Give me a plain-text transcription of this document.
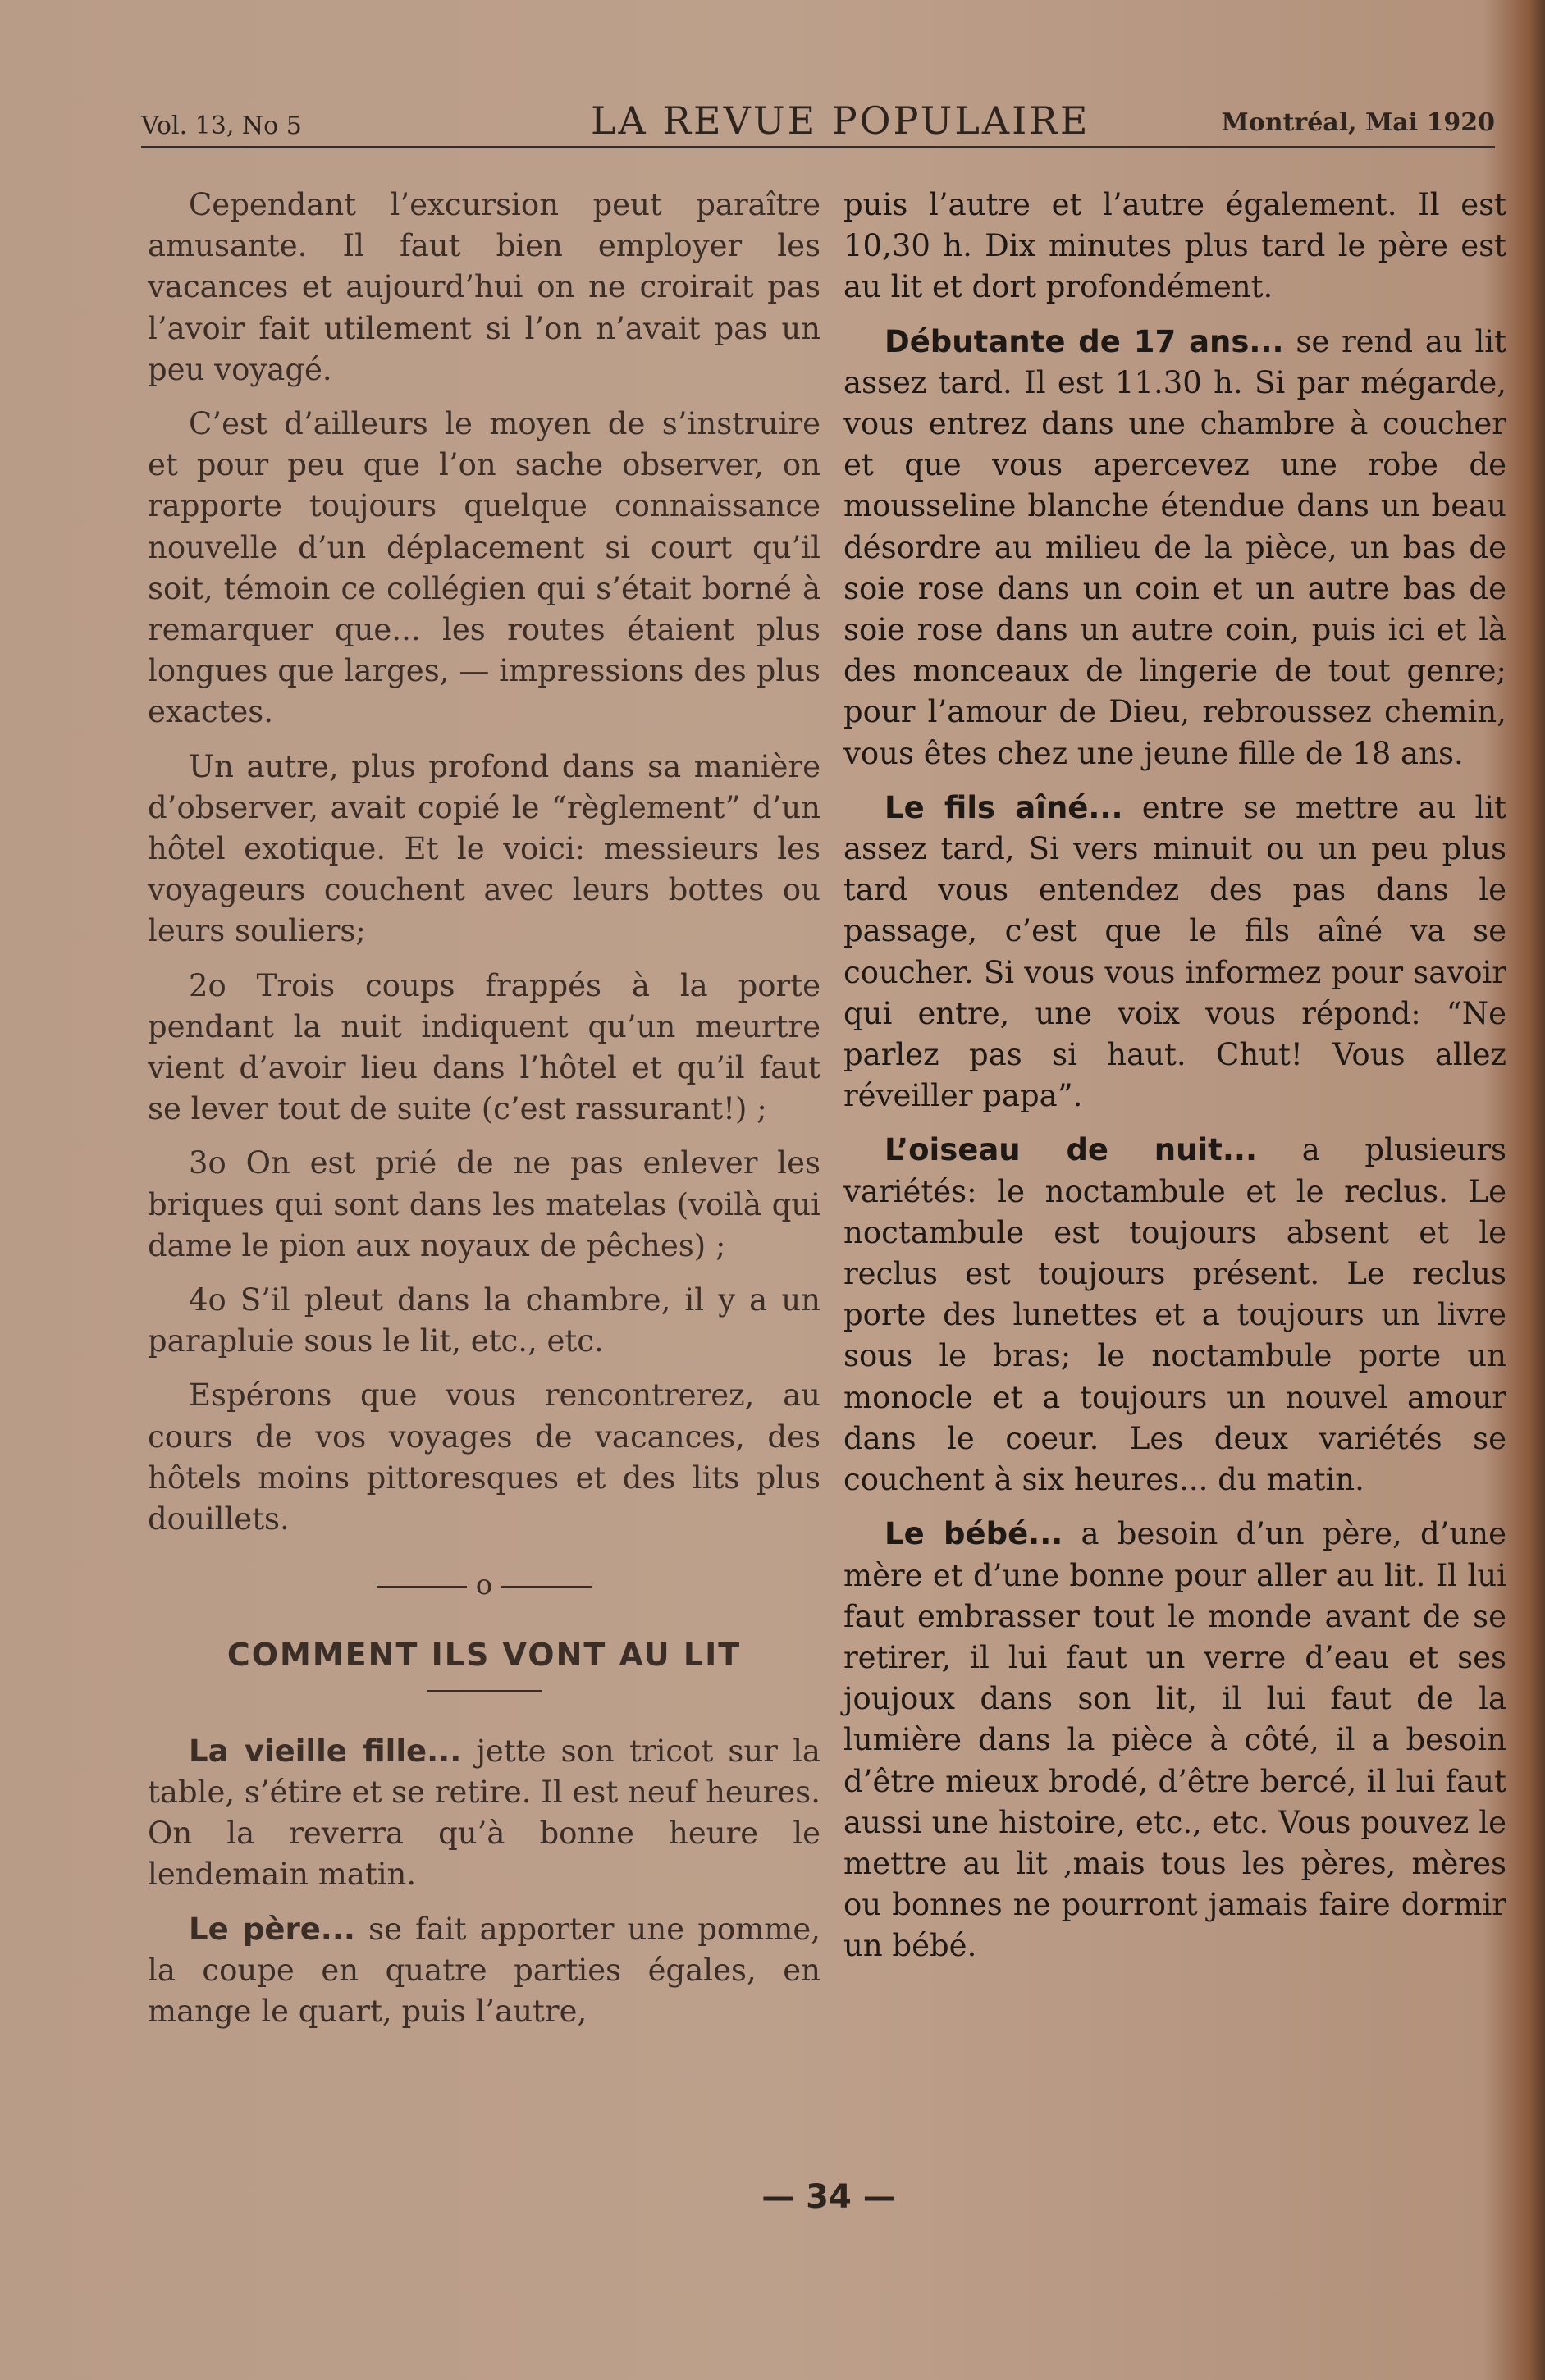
Vol. 13, No 5	LA REVUE POPULAIRE	Montréal, Mai 1920

Cependant l’excursion peut paraître amusante. Il faut bien employer les vacances et aujourd’hui on ne croirait pas l’avoir fait utilement si l’on n’avait pas un peu voyagé.

C’est d’ailleurs le moyen de s’instruire et pour peu que l’on sache observer, on rapporte toujours quelque connaissance nouvelle d’un déplacement si court qu’il soit, témoin ce collégien qui s’était borné à remarquer que... les routes étaient plus longues que larges, — impressions des plus exactes.

Un autre, plus profond dans sa manière d’observer, avait copié le “règlement” d’un hôtel exotique. Et le voici: messieurs les voyageurs couchent avec leurs bottes ou leurs souliers;

2o Trois coups frappés à la porte pendant la nuit indiquent qu’un meurtre vient d’avoir lieu dans l’hôtel et qu’il faut se lever tout de suite (c’est rassurant!) ;

3o On est prié de ne pas enlever les briques qui sont dans les matelas (voilà qui dame le pion aux noyaux de pêches) ;

4o S’il pleut dans la chambre, il y a un parapluie sous le lit, etc., etc.

Espérons que vous rencontrerez, au cours de vos voyages de vacances, des hôtels moins pittoresques et des lits plus douillets.

o
COMMENT ILS VONT AU LIT

La vieille fille... jette son tricot sur la table, s’étire et se retire. Il est neuf heures. On la reverra qu’à bonne heure le lendemain matin.

Le père... se fait apporter une pomme, la coupe en quatre parties égales, en mange le quart, puis l’autre,

puis l’autre et l’autre également. Il est 10,30 h. Dix minutes plus tard le père est au lit et dort profondément.

Débutante de 17 ans... se rend au lit assez tard. Il est 11.30 h. Si par mégarde, vous entrez dans une chambre à coucher et que vous apercevez une robe de mousseline blanche étendue dans un beau désordre au milieu de la pièce, un bas de soie rose dans un coin et un autre bas de soie rose dans un autre coin, puis ici et là des monceaux de lingerie de tout genre; pour l’amour de Dieu, rebroussez chemin, vous êtes chez une jeune fille de 18 ans.

Le fils aîné... entre se mettre au lit assez tard, Si vers minuit ou un peu plus tard vous entendez des pas dans le passage, c’est que le fils aîné va se coucher. Si vous vous informez pour savoir qui entre, une voix vous répond: “Ne parlez pas si haut. Chut! Vous allez réveiller papa”.

L’oiseau de nuit... a plusieurs variétés: le noctambule et le reclus. Le noctambule est toujours absent et le reclus est toujours présent. Le reclus porte des lunettes et a toujours un livre sous le bras; le noctambule porte un monocle et a toujours un nouvel amour dans le coeur. Les deux variétés se couchent à six heures... du matin.

Le bébé... a besoin d’un père, d’une mère et d’une bonne pour aller au lit. Il lui faut embrasser tout le monde avant de se retirer, il lui faut un verre d’eau et ses joujoux dans son lit, il lui faut de la lumière dans la pièce à côté, il a besoin d’être mieux brodé, d’être bercé, il lui faut aussi une histoire, etc., etc. Vous pouvez le mettre au lit ,mais tous les pères, mères ou bonnes ne pourront jamais faire dormir un bébé.

— 34 —
